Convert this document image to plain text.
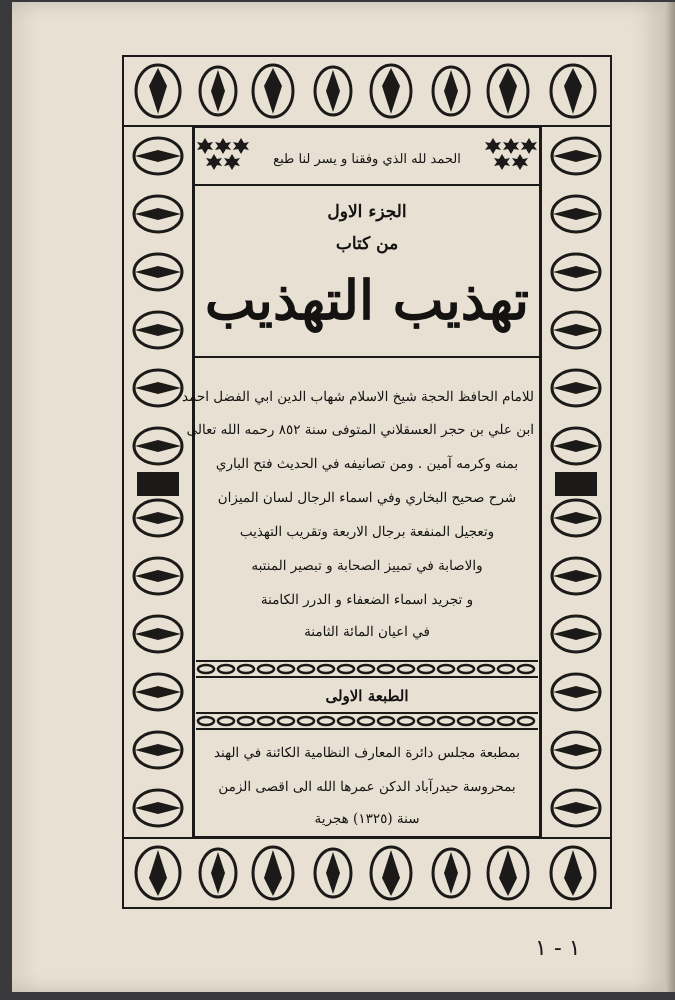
الحمد لله الذي وفقنا و يسر لنا طبع
الجزء الاول
من كتاب
تهذيب التهذيب
للامام الحافظ الحجة شيخ الاسلام شهاب الدين ابي الفضل احمد
ابن علي بن حجر العسقلاني المتوفى سنة ٨٥٢ رحمه الله تعالى
بمنه وكرمه آمين . ومن تصانيفه في الحديث فتح الباري
شرح صحيح البخاري وفي اسماء الرجال لسان الميزان
وتعجيل المنفعة برجال الاربعة وتقريب التهذيب
والاصابة في تمييز الصحابة و تبصير المنتبه
و تجريد اسماء الضعفاء و الدرر الكامنة
في اعيان المائة الثامنة
الطبعة الاولى
بمطبعة مجلس دائرة المعارف النظامية الكائنة في الهند
بمحروسة حيدرآباد الدكن عمرها الله الى اقصى الزمن
سنة (١٣٢٥) هجرية
١ - ١
